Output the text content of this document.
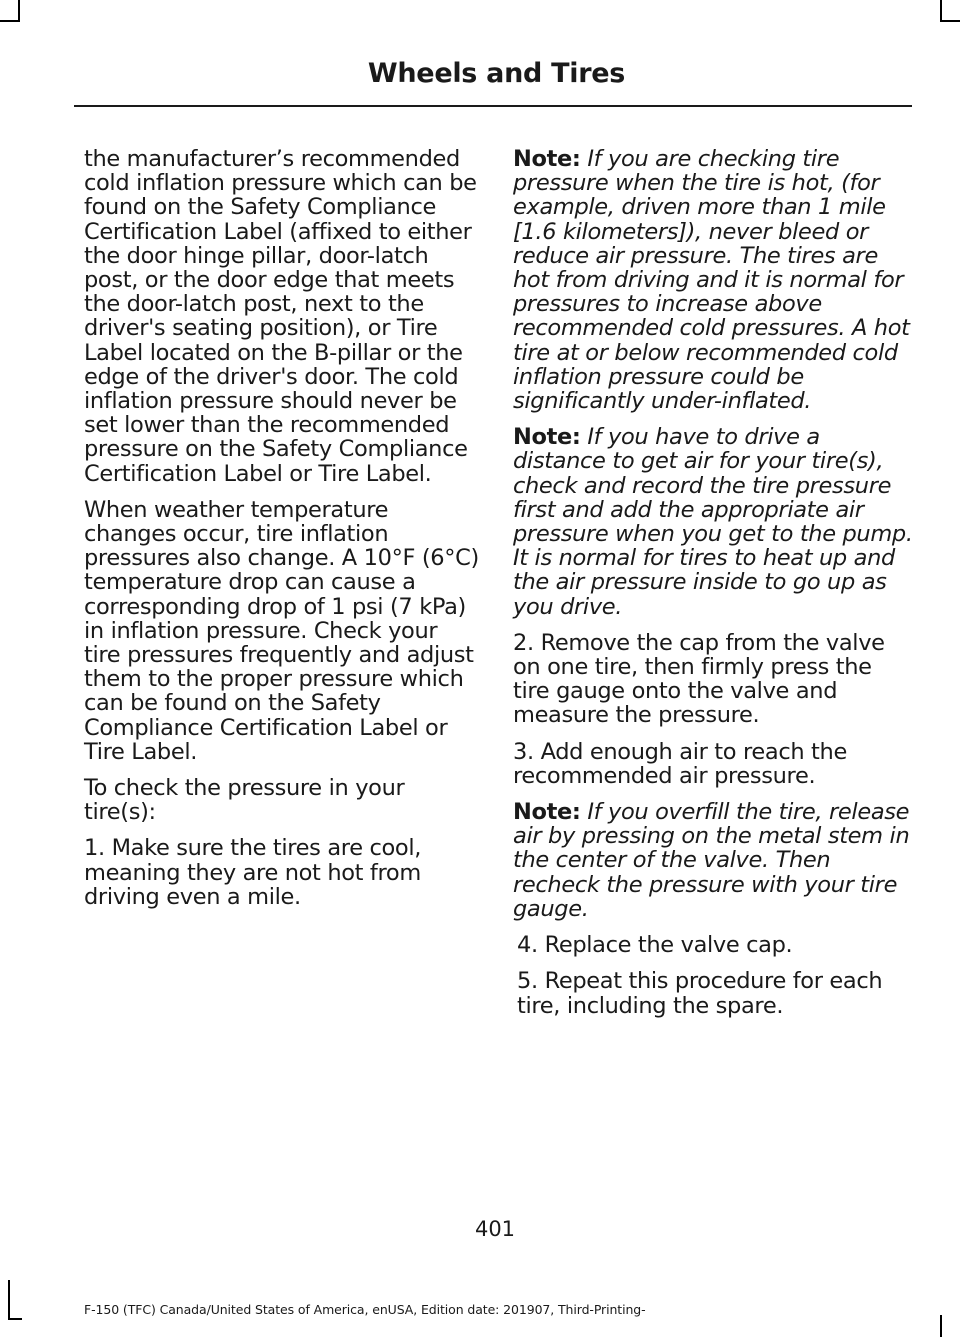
Wheels and Tires

the manufacturer’s recommended cold inflation pressure which can be found on the Safety Compliance Certification Label (affixed to either the door hinge pillar, door-latch post, or the door edge that meets the door-latch post, next to the driver's seating position), or Tire Label located on the B-pillar or the edge of the driver's door. The cold inflation pressure should never be set lower than the recommended pressure on the Safety Compliance Certification Label or Tire Label.

When weather temperature changes occur, tire inflation pressures also change. A 10°F (6°C) temperature drop can cause a corresponding drop of 1 psi (7 kPa) in inflation pressure. Check your tire pressures frequently and adjust them to the proper pressure which can be found on the Safety Compliance Certification Label or Tire Label.

To check the pressure in your tire(s):

1. Make sure the tires are cool, meaning they are not hot from driving even a mile.

Note: If you are checking tire pressure when the tire is hot, (for example, driven more than 1 mile [1.6 kilometers]), never bleed or reduce air pressure. The tires are hot from driving and it is normal for pressures to increase above recommended cold pressures. A hot tire at or below recommended cold inflation pressure could be significantly under-inflated.

Note: If you have to drive a distance to get air for your tire(s), check and record the tire pressure first and add the appropriate air pressure when you get to the pump. It is normal for tires to heat up and the air pressure inside to go up as you drive.

2. Remove the cap from the valve on one tire, then firmly press the tire gauge onto the valve and measure the pressure.

3. Add enough air to reach the recommended air pressure.

Note: If you overfill the tire, release air by pressing on the metal stem in the center of the valve. Then recheck the pressure with your tire gauge.

4. Replace the valve cap.

5. Repeat this procedure for each tire, including the spare.

401
F-150 (TFC) Canada/United States of America, enUSA, Edition date: 201907, Third-Printing-
